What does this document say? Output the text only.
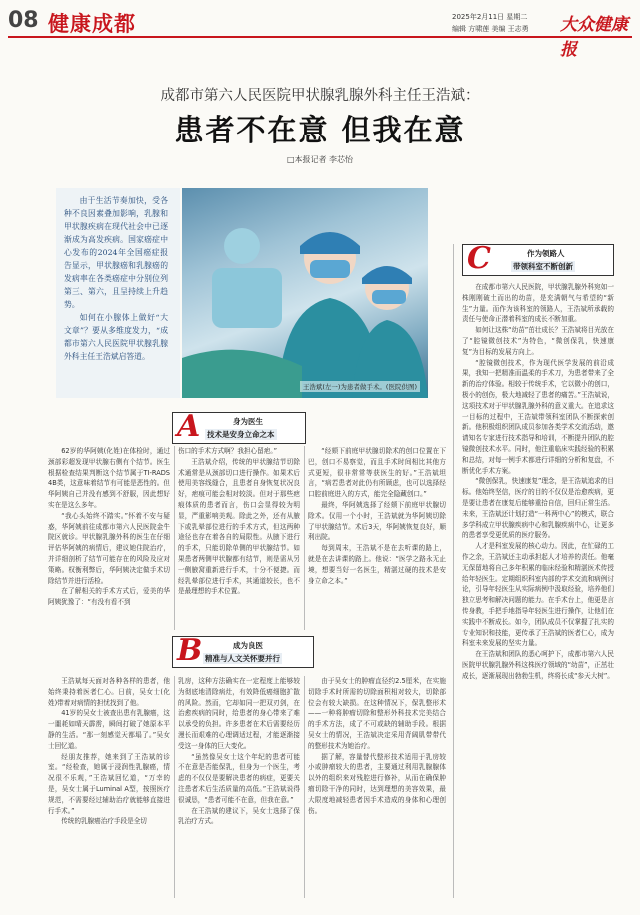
08 健康成都	2025年2月11日 星期二
编辑 方啸莲 美编 王志勇 大众健康报
成都市第六人民医院甲状腺乳腺外科主任王浩斌：
患者不在意 但我在意
□本报记者 李芯怡

由于生活节奏加快，受各种不良因素叠加影响，乳腺和甲状腺疾病在现代社会中已逐渐成为高发疾病。国家癌症中心发布的2024年全国癌症报告显示，甲状腺癌和乳腺癌的发病率在各类癌症中分别位列第三、第六，且呈持续上升趋势。

如何在小腺体上做好“大文章”？要从多维度发力，“成都市第六人民医院甲状腺乳腺外科主任王浩斌启答道。

王浩斌(左一)为患者做手术。(医院供图)
C	作为领路人
带领科室不断创新

在成都市第六人民医院，甲状腺乳腺外科宛如一株刚刚破土而出的幼苗，是充满朝气与希望的“新生”力量。而作为该科室的领路人，王浩斌所承载的责任与使命正潜着科室的成长不断加重。

如何让这株“幼苗”茁壮成长？王浩斌将目光放在了“腔镜微创技术”为特色，“微创保乳，快速康复”为目标的发展方向上。

“腔镜微创技术，作为现代医学发展的前沿成果，我知一把精准而温柔的手术刀，为患者带来了全新的治疗体验。相较于传统手术，它以微小的创口，极小的创伤，极大地减轻了患者的痛苦。”王浩斌说，这项技术对于甲状腺乳腺外科的意义重大。在追求这一目标的过程中，王浩斌带领科室团队不断探索创新。他积极组织团队成员参加各类学术交流活动，邀请知名专家进行技术指导和培训，不断提升团队的腔镜微创技术水平。同时，他注重临床实践经验的积累和总结，对每一例手术都进行详细的分析和复盘，不断优化手术方案。

“微创保乳，快速康复”理念，是王浩斌追求的目标。他始终坚信，医疗的目的不仅仅是治愈疾病，更是要让患者在康复后能够重拾自信，回归正常生活。未来，王浩斌还计划打造“一科两中心”的模式，联合多学科成立甲状腺疾病中心和乳腺疾病中心，让更多的患者享受更优质的医疗服务。

人才是科室发展的核心动力。因此，在忙碌的工作之余，王浩斌还主动承担起人才培养的责任。他毫无保留地将自己多年积累的临床经验和精湛医术传授给年轻医生。定期组织科室内部的学术交流和病例讨论，引导年轻医生从实际病例中汲取经验，培养他们独立思考和解决问题的能力。在手术台上，他更是言传身教，手把手地指导年轻医生进行操作，让他们在实践中不断成长。如今，团队成员不仅掌握了扎实的专业知识和技能，更传承了王浩斌的医者仁心，成为科室未来发展的坚实力量。

在王浩斌和团队的悉心呵护下，成都市第六人民医院甲状腺乳腺外科这株医疗领域的“幼苗”，正茁壮成长，逐渐展现出勃勃生机，终将长成“参天大树”。

A	身为医生
技术是安身立命之本

62岁的华阿姨(化姓)在体检时，通过颈部彩超发现甲状腺右侧有个结节。医生根据检查结果判断这个结节属于TI-RADS 4B类，这意味着结节有可能是恶性的。但华阿姨自己并没有感到不舒服，因此想好实在是这么多年。

“我心头始终不踏实。”怀着不安与疑惑，华阿姨前往成都市第六人民医院金牛院区就诊。甲状腺乳腺外科的医生在仔细评估华阿姨的病情后，建议她住院治疗，并详细剖析了结节可能存在的风险及应对策略。权衡利弊后，华阿姨决定做手术切除结节并进行活检。

在了解相关的手术方式后，爱美的华阿姨犹豫了：“有没有看不到

伤口的手术方式啊？我担心留疤。”

王浩斌介绍，传统的甲状腺结节切除术通常是从颈部切口进行操作。如果术后使用美容线缝合，且患者自身恢复状况良好，疤痕可能会相对较淡。但对于那些疤痕体质的患者而言，伤口会显得较为明显，严重影响美观。除此之外，还有从腋下或乳晕部位进行的手术方式，但这两种途径也存在着各自的局限性。从腋下进行的手术，只能切除单侧的甲状腺结节。如果患者两侧甲状腺都有结节，则是需从另一侧腋窝重新进行手术，十分不便捷。而经乳晕部位进行手术，其通道较长，也不是最理想的手术位置。

“经颏下前庭甲状腺切除术的创口位置在下巴，创口不易察觉，而且手术时间相比其他方式更短，很非常常等获医生的好。”王浩斌坦言，“病若患者对此仍有所顾虑，也可以选择经口腔前庭进入的方式，能完全隐藏创口。”

最终，华阿姨选择了经颏下前庭甲状腺切除术。仅用一个小时，王浩斌就为华阿姨切除了甲状腺结节。术后3天，华阿姨恢复良好，顺利出院。

每到周末，王浩斌不是在去听课的路上，就是在去讲课的路上。他说：“医学之路永无止境，想要当好一名医生，精湛过硬的技术是安身立命之本。”

B	成为良医
精准与人文关怀要并行

王浩斌每天面对各种各样的患者，他始终秉持着医者仁心。日前，吴女士(化姓)带着对病情的担忧找到了他。

41岁的吴女士被查出患有乳腺癌，这一噩耗如晴天霹雳，瞬间打破了她原本平静的生活。“那一刻感觉天都塌了。”吴女士回忆道。

经朋友推荐，她来到了王浩斌的诊室。“经检查，她属于浸润性乳腺癌，情况很不乐观，”王浩斌回忆道，“万幸的是，吴女士属于Luminal A型，按照医疗规范，不需要经过辅助治疗就能够直接进行手术。”

传统的乳腺癌治疗手段是全切

乳房，这种方法确实在一定程度上能够较为彻底地清除病灶，有效降低癌细胞扩散的风险。然而，它却如同一把双刃剑，在治愈疾病的同时，给患者的身心带来了难以承受的负担。许多患者在术后需要经历漫长而艰难的心理调适过程，才能逐渐接受这一身体的巨大变化。

“虽然像吴女士这个年纪的患者可能不在意是否能保乳，但身为一个医生，考虑的不仅仅是要解决患者的病症，更要关注患者术后生活质量的高低。”王浩斌说得很诚恳，“患者可能不在意，但我在意。”

在王浩斌的建议下，吴女士选择了保乳治疗方式。

由于吴女士的肿瘤直径约2.5厘米，在实施切除手术时所需的切除面积相对较大，切除部位会有较大缺损。在这种情况下，保乳整形术——一种将肿瘤切除和整形外科技术完美结合的手术方法，成了不可或缺的辅助手段。根据吴女士的情况，王浩斌决定采用背阔肌带带代的整形技术为她治疗。

据了解，容量替代整形技术适用于乳房较小或肿瘤较大的患者，主要通过利用乳腺腺体以外的组织来对残腔进行修补，从而在确保肿瘤切除干净的同时，达到理想的美容效果，最大限度地减轻患者因手术造成的身体和心理创伤。
